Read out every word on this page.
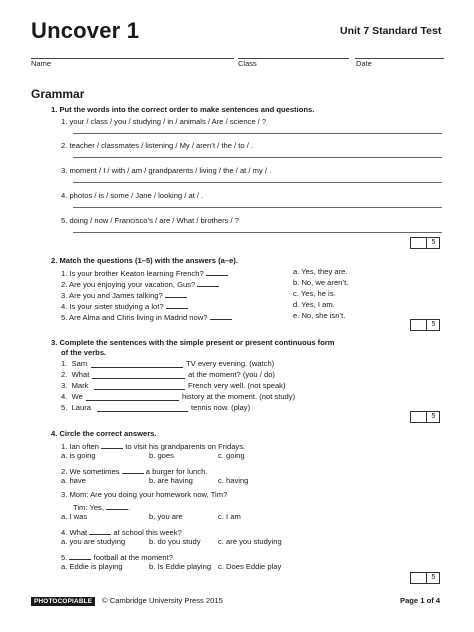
Uncover 1	Unit 7 Standard Test
Name	Class	Date
Grammar
1. Put the words into the correct order to make sentences and questions.
1. your / class / you / studying / in / animals / Are / science / ?
2. teacher / classmates / listening / My / aren’t / the / to / .
3. moment / I / with / am / grandparents / living / the / at / my / .
4. photos / is / some / Jane / looking / at / .
5. doing / now / Francisco’s / are / What / brothers / ?
5
2. Match the questions (1–5) with the answers (a–e).
1. Is your brother Keaton learning French?
2. Are you enjoying your vacation, Gus?
3. Are you and James talking?
4. Is your sister studying a lot?
5. Are Alma and Chris living in Madrid now?
a. Yes, they are.
b. No, we aren’t.
c. Yes, he is.
d. Yes, I am.
e. No, she isn’t.
5
3. Complete the sentences with the simple present or present continuous form
of the verbs.
1. Sam	TV every evening. (watch)
2. What	at the moment? (you / do)
3. Mark	French very well. (not speak)
4. We	history at the moment. (not study)
5. Laura	tennis now. (play)
5
4. Circle the correct answers.
1. Ian often	to visit his grandparents on Fridays.
a. is going	b. goes	c. going
2. We sometimes	a burger for lunch.
a. have	b. are having	c. having
3. Mom: Are you doing your homework now, Tim?
Tim: Yes,	.
a. I was	b. you are	c. I am
4. What	at school this week?
a. you are studying	b. do you study c. are you studying
5.	football at the moment?
a. Eddie is playing	b. Is Eddie playing c. Does Eddie play
5
PHOTOCOPIABLE	© Cambridge University Press 2015	Page 1 of 4
